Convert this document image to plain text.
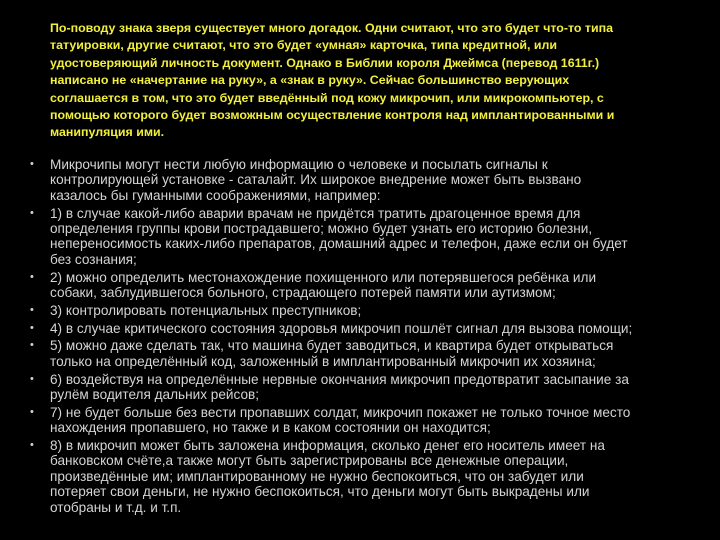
По-поводу знака зверя существует много догадок. Одни считают, что это будет что-то типа
татуировки, другие считают, что это будет «умная» карточка, типа кредитной, или
удостоверяющий личность документ. Однако в Библии короля Джеймса (перевод 1611г.)
написано не «начертание на руку», а «знак в руку». Сейчас большинство верующих
соглашается в том, что это будет введённый под кожу микрочип, или микрокомпьютер, с
помощью которого будет возможным осуществление контроля над имплантированными и
манипуляция ими.
•	Микрочипы могут нести любую информацию о человеке и посылать сигналы к
контролирующей установке - саталайт. Их широкое внедрение может быть вызвано
казалось бы гуманными соображениями, например:
•	1) в случае какой-либо аварии врачам не придётся тратить драгоценное время для
определения группы крови пострадавшего; можно будет узнать его историю болезни,
непереносимость каких-либо препаратов, домашний адрес и телефон, даже если он будет
без сознания;
•	2) можно определить местонахождение похищенного или потерявшегося ребёнка или
собаки, заблудившегося больного, страдающего потерей памяти или аутизмом;
•	3) контролировать потенциальных преступников;
•	4) в случае критического состояния здоровья микрочип пошлёт сигнал для вызова помощи;
•	5) можно даже сделать так, что машина будет заводиться, и квартира будет открываться
только на определённый код, заложенный в имплантированный микрочип их хозяина;
•	6) воздействуя на определённые нервные окончания микрочип предотвратит засыпание за
рулём водителя дальних рейсов;
•	7) не будет больше без вести пропавших солдат, микрочип покажет не только точное место
нахождения пропавшего, но также и в каком состоянии он находится;
•	8) в микрочип может быть заложена информация, сколько денег его носитель имеет на
банковском счёте,а также могут быть зарегистрированы все денежные операции,
произведённые им; имплантированному не нужно беспокоиться, что он забудет или
потеряет свои деньги, не нужно беспокоиться, что деньги могут быть выкрадены или
отобраны и т.д. и т.п.
